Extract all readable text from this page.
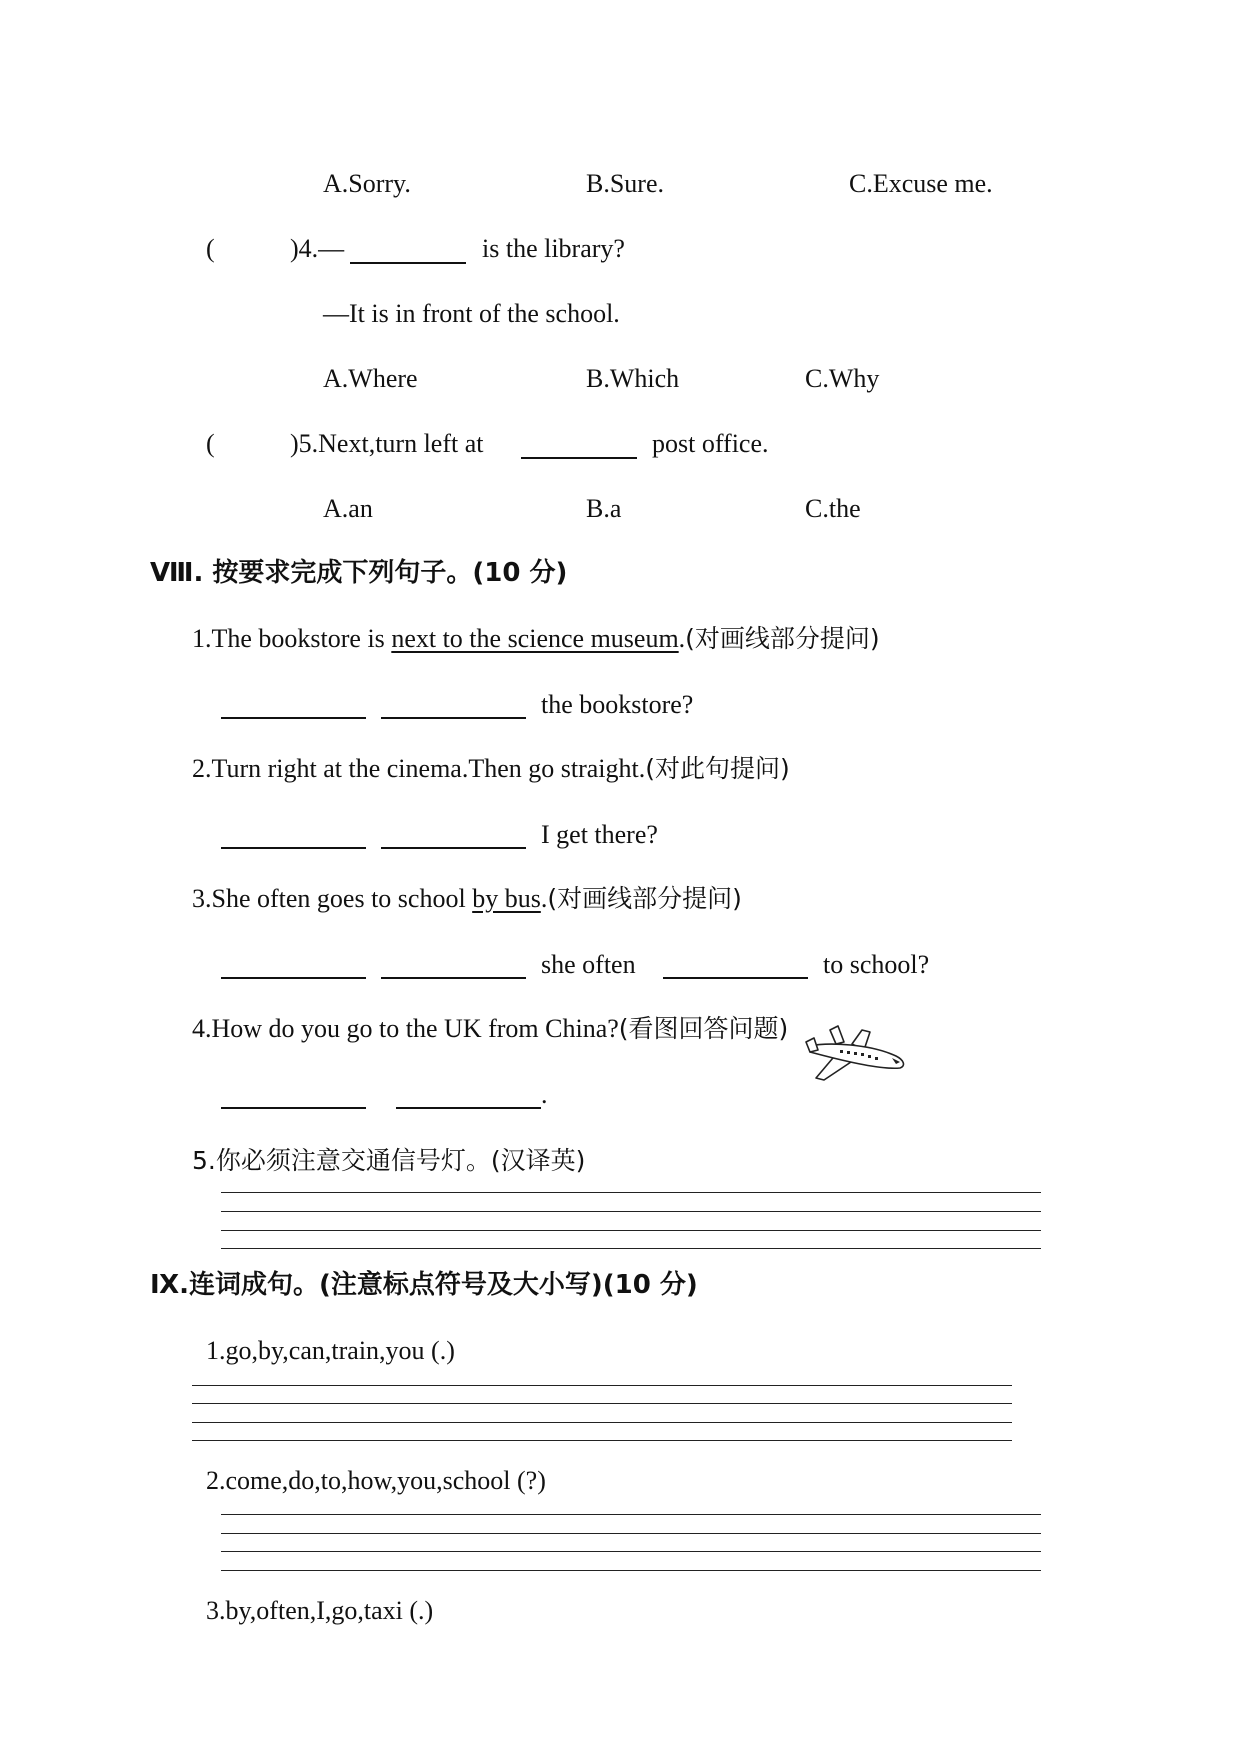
A.Sorry.	B.Sure.	C.Excuse me.
(	)4.—	is the library?
—It is in front of the school.
A.Where	B.Which	C.Why
(	)5.Next,turn left at	post office.
A.an	B.a	C.the
Ⅷ. 按要求完成下列句子。(10 分)
1.The bookstore is next to the science museum.(对画线部分提问)
the bookstore?
2.Turn right at the cinema.Then go straight.(对此句提问)
I get there?
3.She often goes to school by bus.(对画线部分提问)
she often	to school?
4.How do you go to the UK from China?(看图回答问题)
.
5.你必须注意交通信号灯。(汉译英)
Ⅸ.连词成句。(注意标点符号及大小写)(10 分)
1.go,by,can,train,you (.)
2.come,do,to,how,you,school (?)
3.by,often,I,go,taxi (.)
